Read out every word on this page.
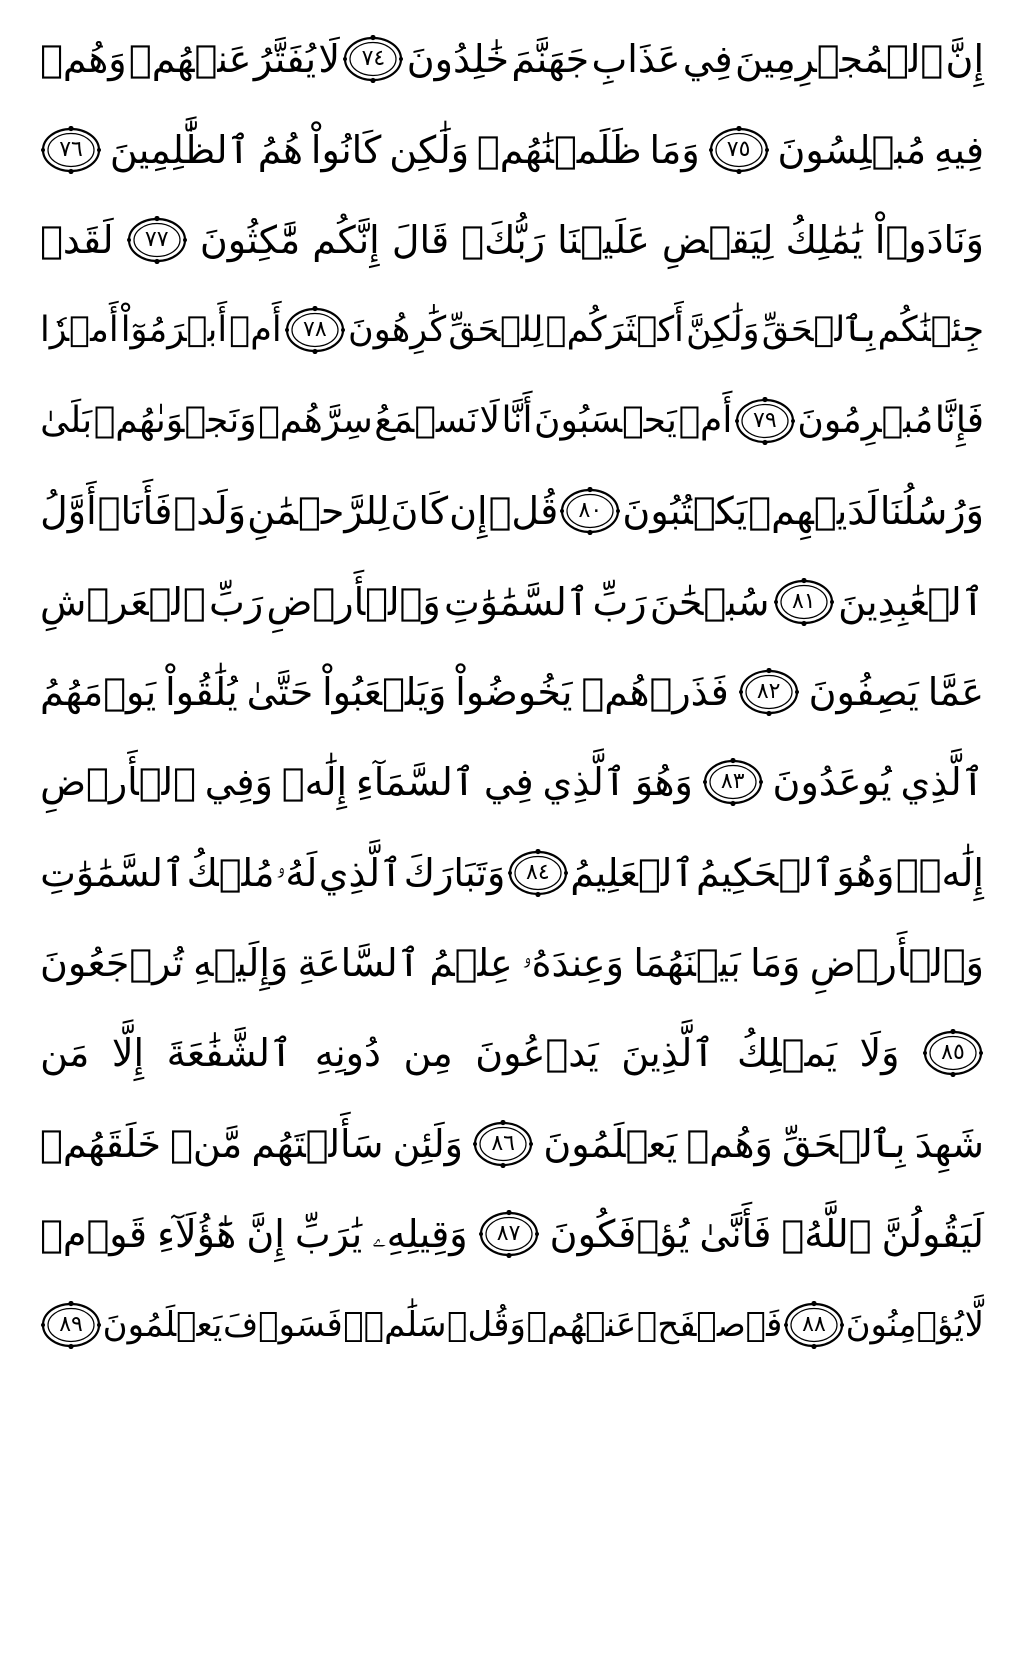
إِنَّ
ٱلۡمُجۡرِمِينَ
فِي
عَذَابِ
جَهَنَّمَ
خَٰلِدُونَ
٧٤
لَا
يُفَتَّرُ
عَنۡهُمۡ
وَهُمۡ
فِيهِ
مُبۡلِسُونَ
٧٥
وَمَا
ظَلَمۡنَٰهُمۡ
وَلَٰكِن
كَانُواْ
هُمُ
ٱلظَّٰلِمِينَ
٧٦
وَنَادَوۡاْ
يَٰمَٰلِكُ
لِيَقۡضِ
عَلَيۡنَا
رَبُّكَۖ
قَالَ
إِنَّكُم
مَّٰكِثُونَ
٧٧
لَقَدۡ
جِئۡنَٰكُم
بِٱلۡحَقِّ
وَلَٰكِنَّ
أَكۡثَرَكُمۡ
لِلۡحَقِّ
كَٰرِهُونَ
٧٨
أَمۡ
أَبۡرَمُوٓاْ
أَمۡرٗا
فَإِنَّا
مُبۡرِمُونَ
٧٩
أَمۡ
يَحۡسَبُونَ
أَنَّا
لَا
نَسۡمَعُ
سِرَّهُمۡ
وَنَجۡوَىٰهُمۚ
بَلَىٰ
وَرُسُلُنَا
لَدَيۡهِمۡ
يَكۡتُبُونَ
٨٠
قُلۡ
إِن
كَانَ
لِلرَّحۡمَٰنِ
وَلَدٞ
فَأَنَا۠
أَوَّلُ
ٱلۡعَٰبِدِينَ
٨١
سُبۡحَٰنَ
رَبِّ
ٱلسَّمَٰوَٰتِ
وَٱلۡأَرۡضِ
رَبِّ
ٱلۡعَرۡشِ
عَمَّا
يَصِفُونَ
٨٢
فَذَرۡهُمۡ
يَخُوضُواْ
وَيَلۡعَبُواْ
حَتَّىٰ
يُلَٰقُواْ
يَوۡمَهُمُ
ٱلَّذِي
يُوعَدُونَ
٨٣
وَهُوَ
ٱلَّذِي
فِي
ٱلسَّمَآءِ
إِلَٰهٞ
وَفِي
ٱلۡأَرۡضِ
إِلَٰهٞۚ
وَهُوَ
ٱلۡحَكِيمُ
ٱلۡعَلِيمُ
٨٤
وَتَبَارَكَ
ٱلَّذِي
لَهُۥ
مُلۡكُ
ٱلسَّمَٰوَٰتِ
وَٱلۡأَرۡضِ
وَمَا
بَيۡنَهُمَا
وَعِندَهُۥ
عِلۡمُ
ٱلسَّاعَةِ
وَإِلَيۡهِ
تُرۡجَعُونَ
٨٥
وَلَا
يَمۡلِكُ
ٱلَّذِينَ
يَدۡعُونَ
مِن
دُونِهِ
ٱلشَّفَٰعَةَ
إِلَّا
مَن
شَهِدَ
بِٱلۡحَقِّ
وَهُمۡ
يَعۡلَمُونَ
٨٦
وَلَئِن
سَأَلۡتَهُم
مَّنۡ
خَلَقَهُمۡ
لَيَقُولُنَّ
ٱللَّهُۖ
فَأَنَّىٰ
يُؤۡفَكُونَ
٨٧
وَقِيلِهِۦ
يَٰرَبِّ
إِنَّ
هَٰٓؤُلَآءِ
قَوۡمٞ
لَّا
يُؤۡمِنُونَ
٨٨
فَٱصۡفَحۡ
عَنۡهُمۡ
وَقُلۡ
سَلَٰمٞۚ
فَسَوۡفَ
يَعۡلَمُونَ
٨٩
